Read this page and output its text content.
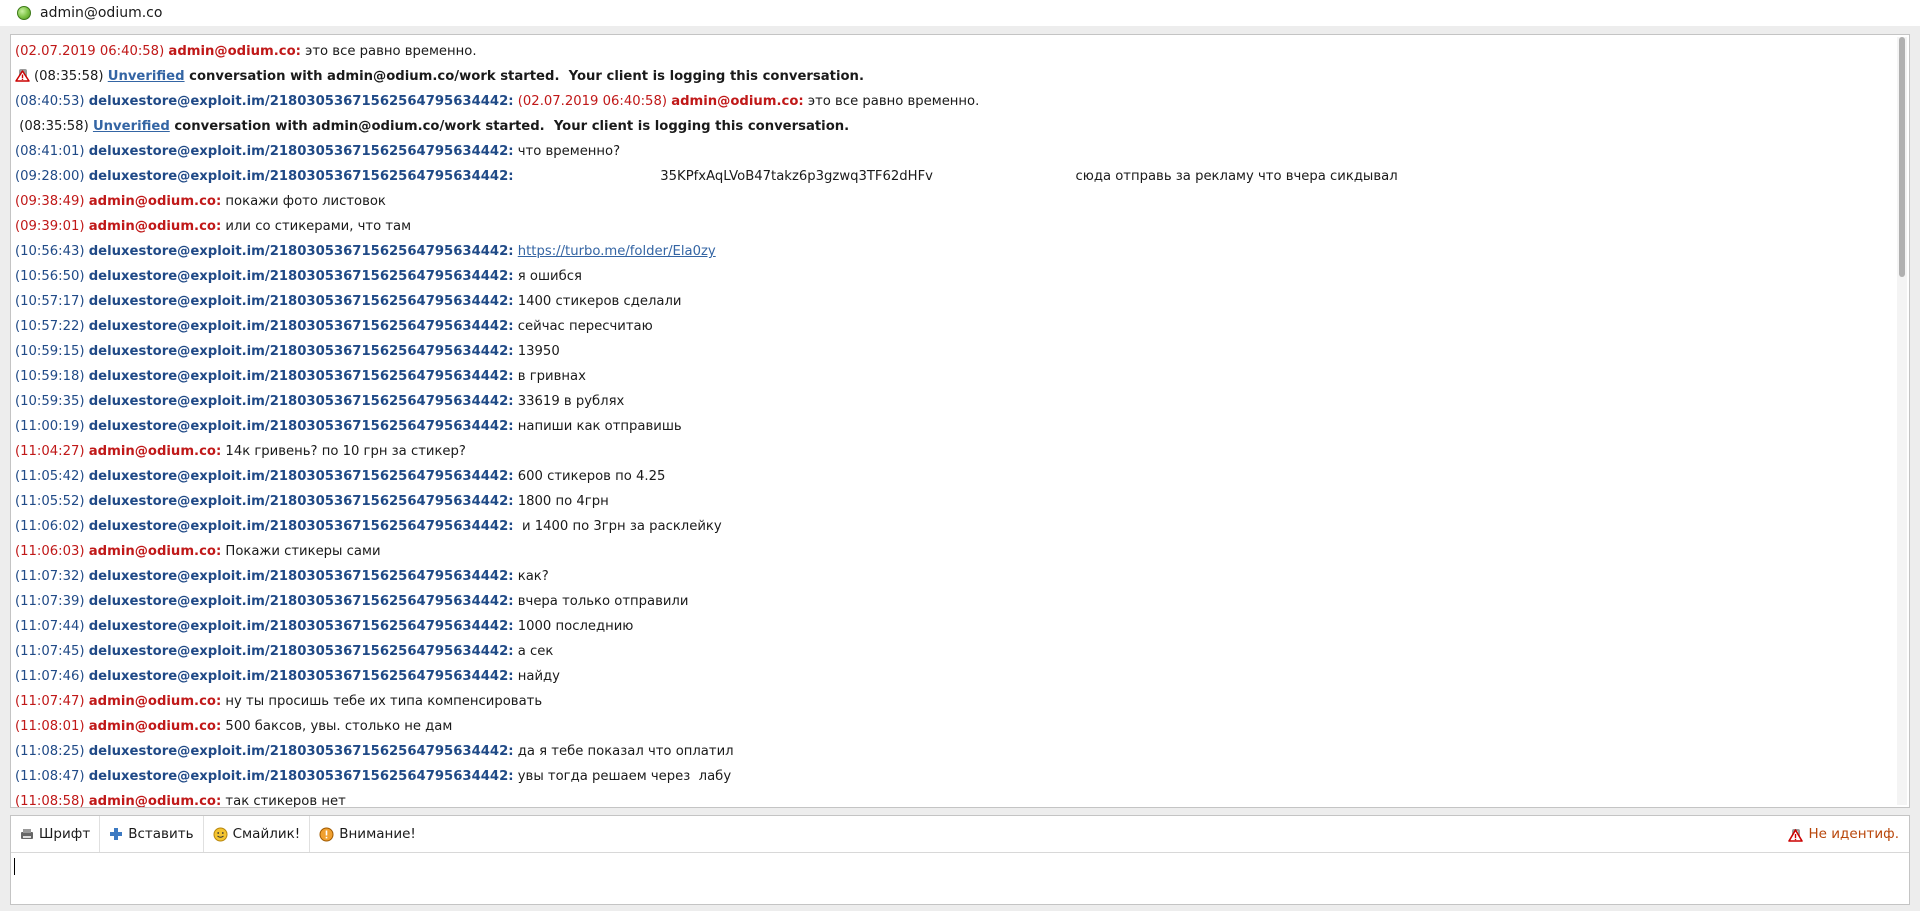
admin@odium.co
(02.07.2019 06:40:58) admin@odium.co: это все равно временно.
(08:35:58) Unverified conversation with admin@odium.co/work started.  Your client is logging this conversation.
(08:40:53) deluxestore@exploit.im/21803053671562564795634442: (02.07.2019 06:40:58) admin@odium.co: это все равно временно.
(08:35:58) Unverified conversation with admin@odium.co/work started.  Your client is logging this conversation.
(08:41:01) deluxestore@exploit.im/21803053671562564795634442: что временно?
(09:28:00) deluxestore@exploit.im/21803053671562564795634442:                                   35KPfxAqLVoB47takz6p3gzwq3TF62dHFv                                  сюда отправь за рекламу что вчера сикдывал
(09:38:49) admin@odium.co: покажи фото листовок
(09:39:01) admin@odium.co: или со стикерами, что там
(10:56:43) deluxestore@exploit.im/21803053671562564795634442: https://turbo.me/folder/Ela0zy
(10:56:50) deluxestore@exploit.im/21803053671562564795634442: я ошибся
(10:57:17) deluxestore@exploit.im/21803053671562564795634442: 1400 стикеров сделали
(10:57:22) deluxestore@exploit.im/21803053671562564795634442: сейчас пересчитаю
(10:59:15) deluxestore@exploit.im/21803053671562564795634442: 13950
(10:59:18) deluxestore@exploit.im/21803053671562564795634442: в гривнах
(10:59:35) deluxestore@exploit.im/21803053671562564795634442: 33619 в рублях
(11:00:19) deluxestore@exploit.im/21803053671562564795634442: напиши как отправишь
(11:04:27) admin@odium.co: 14к гривень? по 10 грн за стикер?
(11:05:42) deluxestore@exploit.im/21803053671562564795634442: 600 стикеров по 4.25
(11:05:52) deluxestore@exploit.im/21803053671562564795634442: 1800 по 4грн
(11:06:02) deluxestore@exploit.im/21803053671562564795634442:  и 1400 по 3грн за расклейку
(11:06:03) admin@odium.co: Покажи стикеры сами
(11:07:32) deluxestore@exploit.im/21803053671562564795634442: как?
(11:07:39) deluxestore@exploit.im/21803053671562564795634442: вчера только отправили
(11:07:44) deluxestore@exploit.im/21803053671562564795634442: 1000 последнию
(11:07:45) deluxestore@exploit.im/21803053671562564795634442: а сек
(11:07:46) deluxestore@exploit.im/21803053671562564795634442: найду
(11:07:47) admin@odium.co: ну ты просишь тебе их типа компенсировать
(11:08:01) admin@odium.co: 500 баксов, увы. столько не дам
(11:08:25) deluxestore@exploit.im/21803053671562564795634442: да я тебе показал что оплатил
(11:08:47) deluxestore@exploit.im/21803053671562564795634442: увы тогда решаем через  лабу
(11:08:58) admin@odium.co: так стикеров нет
Шрифт	Вставить	Смайлик!	Внимание!	Не идентиф.
